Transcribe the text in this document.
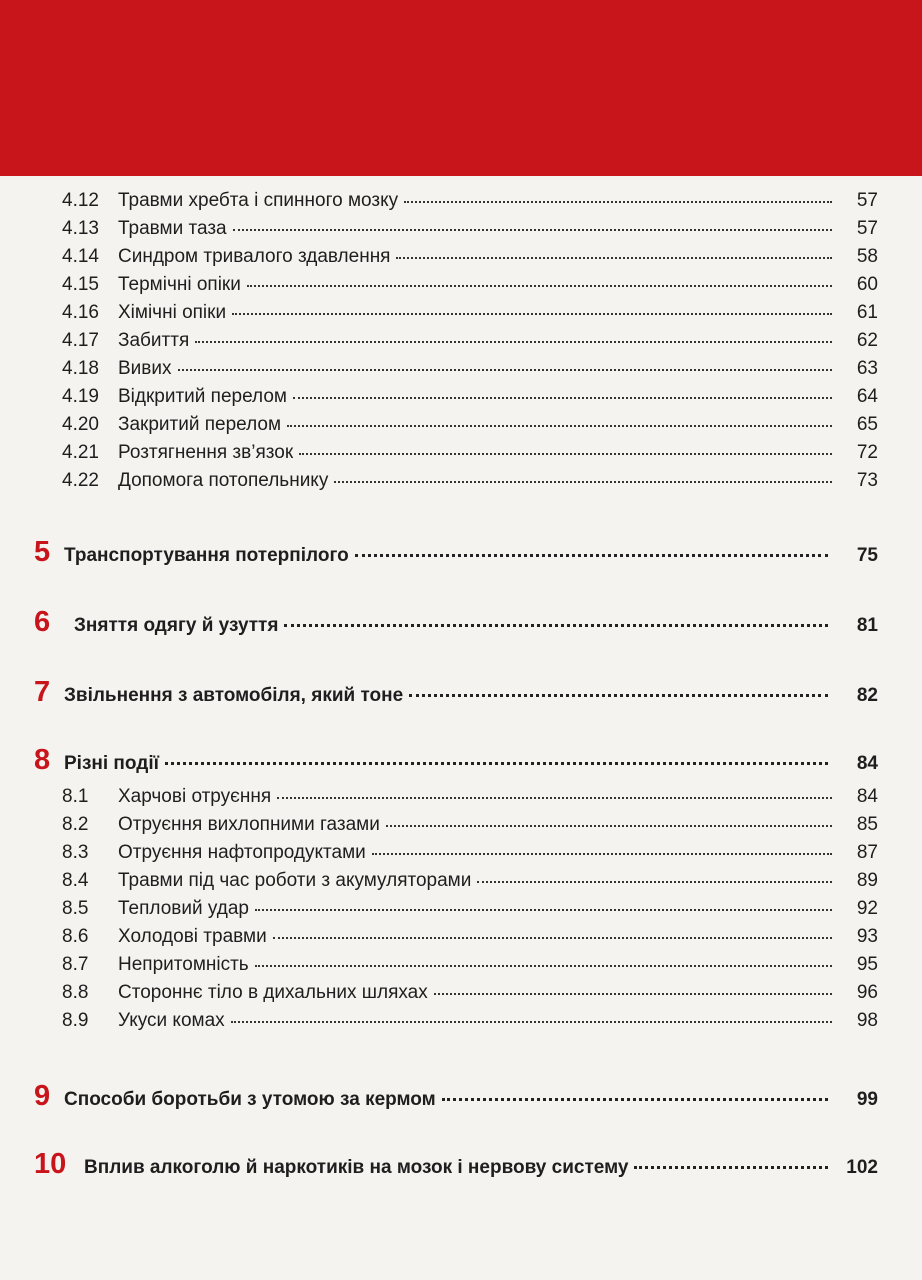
4.12	Травми хребта і спинного мозку	57
4.13	Травми таза	57
4.14	Синдром тривалого здавлення	58
4.15	Термічні опіки	60
4.16	Хімічні опіки	61
4.17	Забиття	62
4.18	Вивих	63
4.19	Відкритий перелом	64
4.20	Закритий перелом	65
4.21	Розтягнення зв’язок	72
4.22	Допомога потопельнику	73
5 Транспортування потерпілого	75
6	Зняття одягу й узуття	81
7 Звільнення з автомобіля, який тоне	82
8 Різні події	84
8.1	Харчові отруєння	84
8.2	Отруєння вихлопними газами	85
8.3	Отруєння нафтопродуктами	87
8.4	Травми під час роботи з акумуляторами	89
8.5	Тепловий удар	92
8.6	Холодові травми	93
8.7	Непритомність	95
8.8	Стороннє тіло в дихальних шляхах	96
8.9	Укуси комах	98
9 Способи боротьби з утомою за кермом	99
10 Вплив алкоголю й наркотиків на мозок і нервову систему	102
